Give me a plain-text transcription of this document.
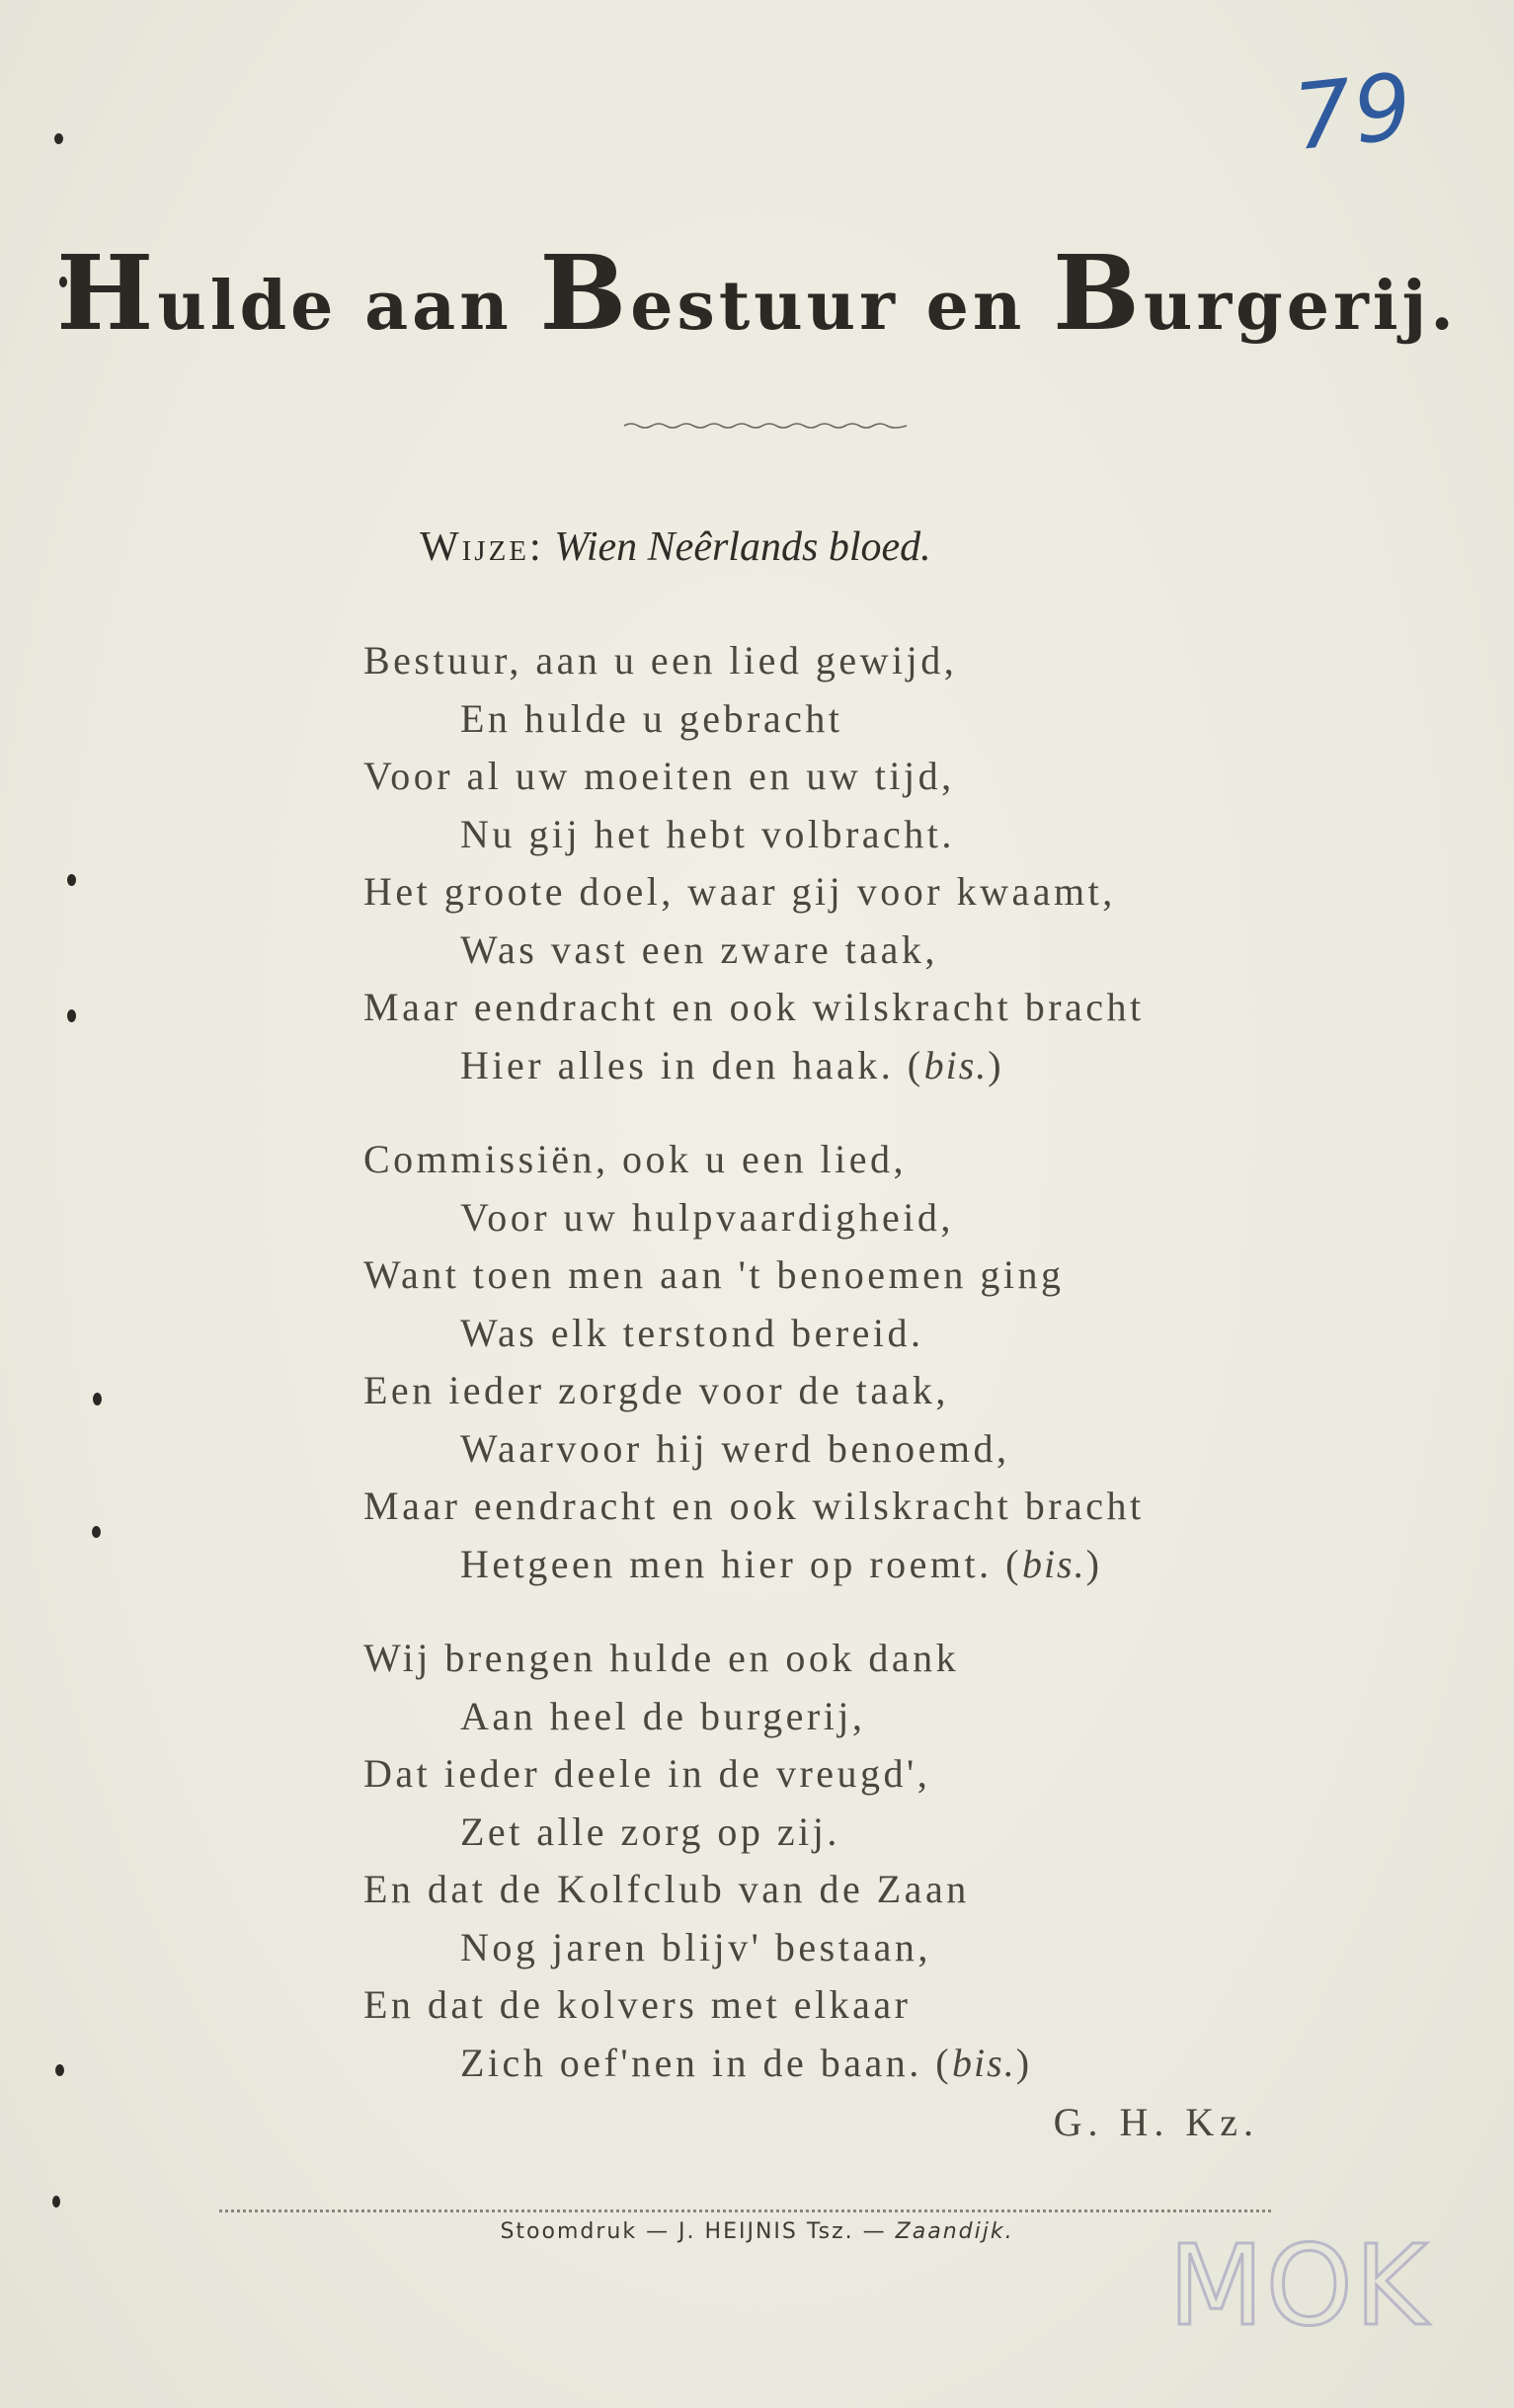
79
Hulde aan Bestuur en Burgerij.
Wijze: Wien Neêrlands bloed.
Bestuur, aan u een lied gewijd,
En hulde u gebracht
Voor al uw moeiten en uw tijd,
Nu gij het hebt volbracht.
Het groote doel, waar gij voor kwaamt,
Was vast een zware taak,
Maar eendracht en ook wilskracht bracht
Hier alles in den haak. (bis.)
Commissiën, ook u een lied,
Voor uw hulpvaardigheid,
Want toen men aan 't benoemen ging
Was elk terstond bereid.
Een ieder zorgde voor de taak,
Waarvoor hij werd benoemd,
Maar eendracht en ook wilskracht bracht
Hetgeen men hier op roemt. (bis.)
Wij brengen hulde en ook dank
Aan heel de burgerij,
Dat ieder deele in de vreugd',
Zet alle zorg op zij.
En dat de Kolfclub van de Zaan
Nog jaren blijv' bestaan,
En dat de kolvers met elkaar
Zich oef'nen in de baan. (bis.)
G. H. Kz.
Stoomdruk — J. HEIJNIS Tsz. — Zaandijk.	MOK
